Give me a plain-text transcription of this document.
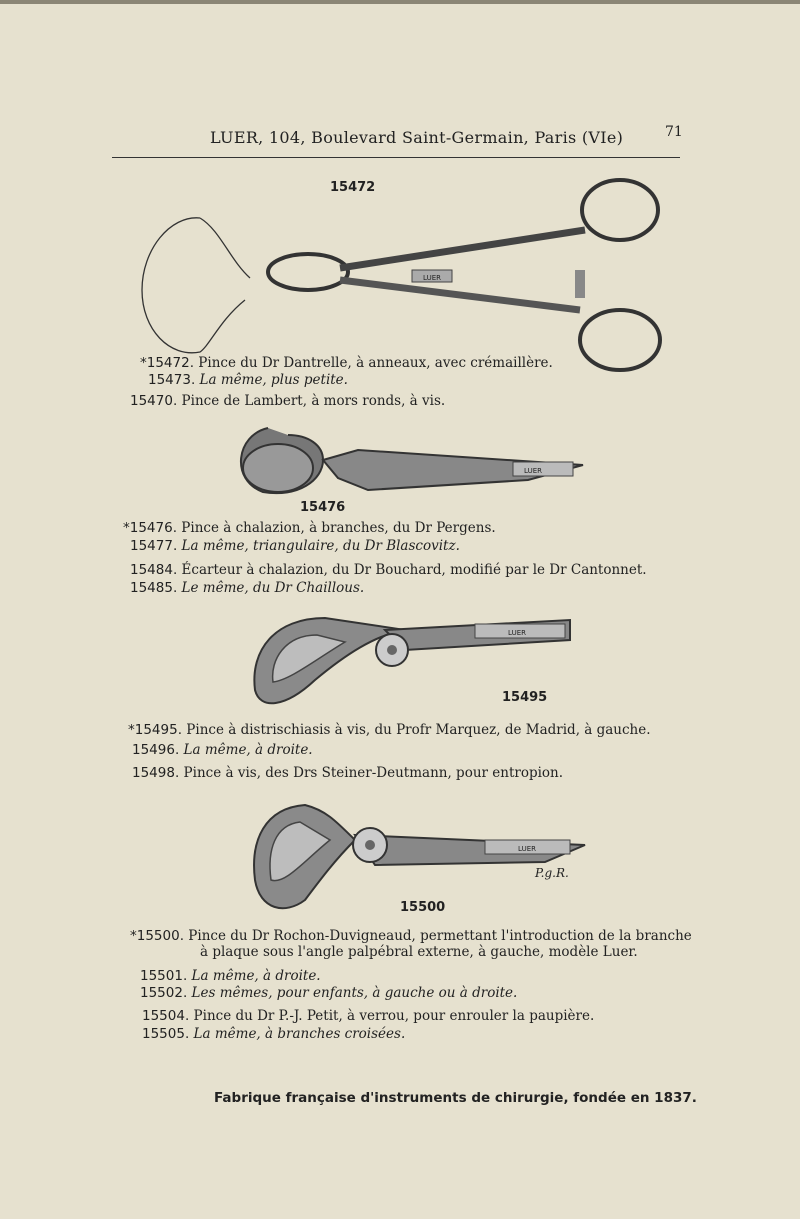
LUER, 104, Boulevard Saint-Germain, Paris (VIe)	71
15472
LUER
LUER
15476
LUER
15495
LUER
P.g.R.
15500
*15472. Pince du Dr Dantrelle, à anneaux, avec crémaillère.
15473. La même, plus petite.
15470. Pince de Lambert, à mors ronds, à vis.
*15476. Pince à chalazion, à branches, du Dr Pergens.
15477. La même, triangulaire, du Dr Blascovitz.
15484. Écarteur à chalazion, du Dr Bouchard, modifié par le Dr Cantonnet.
15485. Le même, du Dr Chaillous.
*15495. Pince à distrischiasis à vis, du Profr Marquez, de Madrid, à gauche.
15496. La même, à droite.
15498. Pince à vis, des Drs Steiner-Deutmann, pour entropion.
*15500. Pince du Dr Rochon-Duvigneaud, permettant l'introduction de la branche
à plaque sous l'angle palpébral externe, à gauche, modèle Luer.
15501. La même, à droite.
15502. Les mêmes, pour enfants, à gauche ou à droite.
15504. Pince du Dr P.-J. Petit, à verrou, pour enrouler la paupière.
15505. La même, à branches croisées.
Fabrique française d'instruments de chirurgie, fondée en 1837.
